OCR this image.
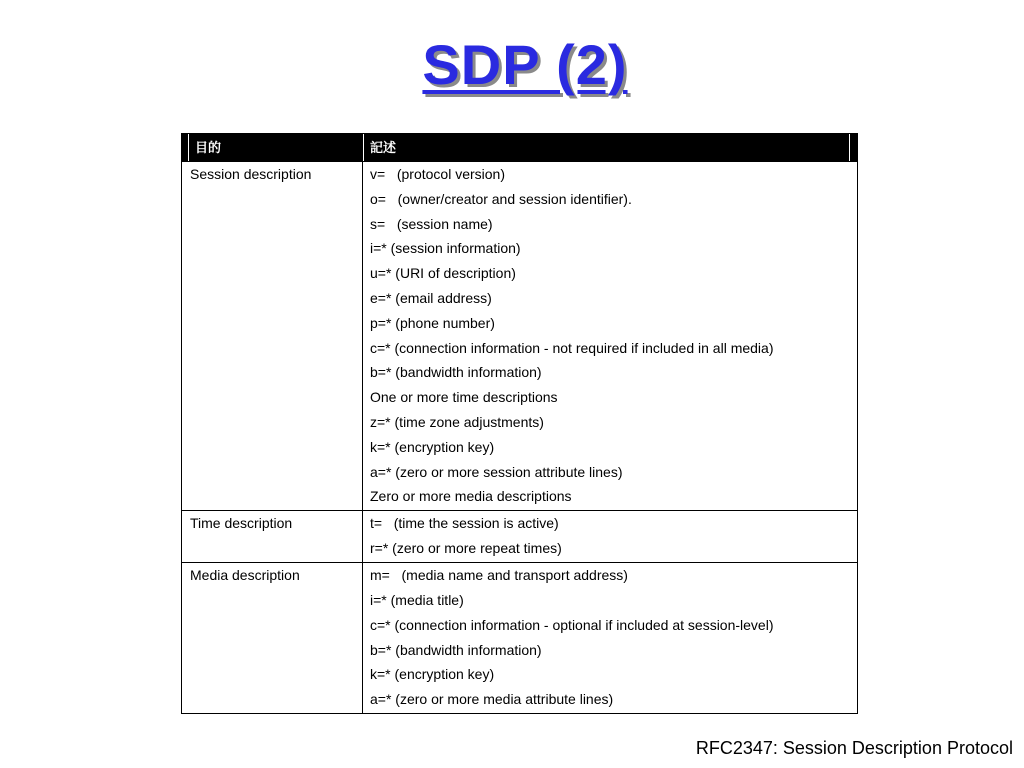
SDP (2)
目的	記述
Session description	v=   (protocol version)
o=   (owner/creator and session identifier).
s=   (session name)
i=* (session information)
u=* (URI of description)
e=* (email address)
p=* (phone number)
c=* (connection information - not required if included in all media)
b=* (bandwidth information)
One or more time descriptions
z=* (time zone adjustments)
k=* (encryption key)
a=* (zero or more session attribute lines)
Zero or more media descriptions
Time description	t=   (time the session is active)
r=* (zero or more repeat times)
Media description	m=   (media name and transport address)
i=* (media title)
c=* (connection information - optional if included at session-level)
b=* (bandwidth information)
k=* (encryption key)
a=* (zero or more media attribute lines)
RFC2347: Session Description Protocol
